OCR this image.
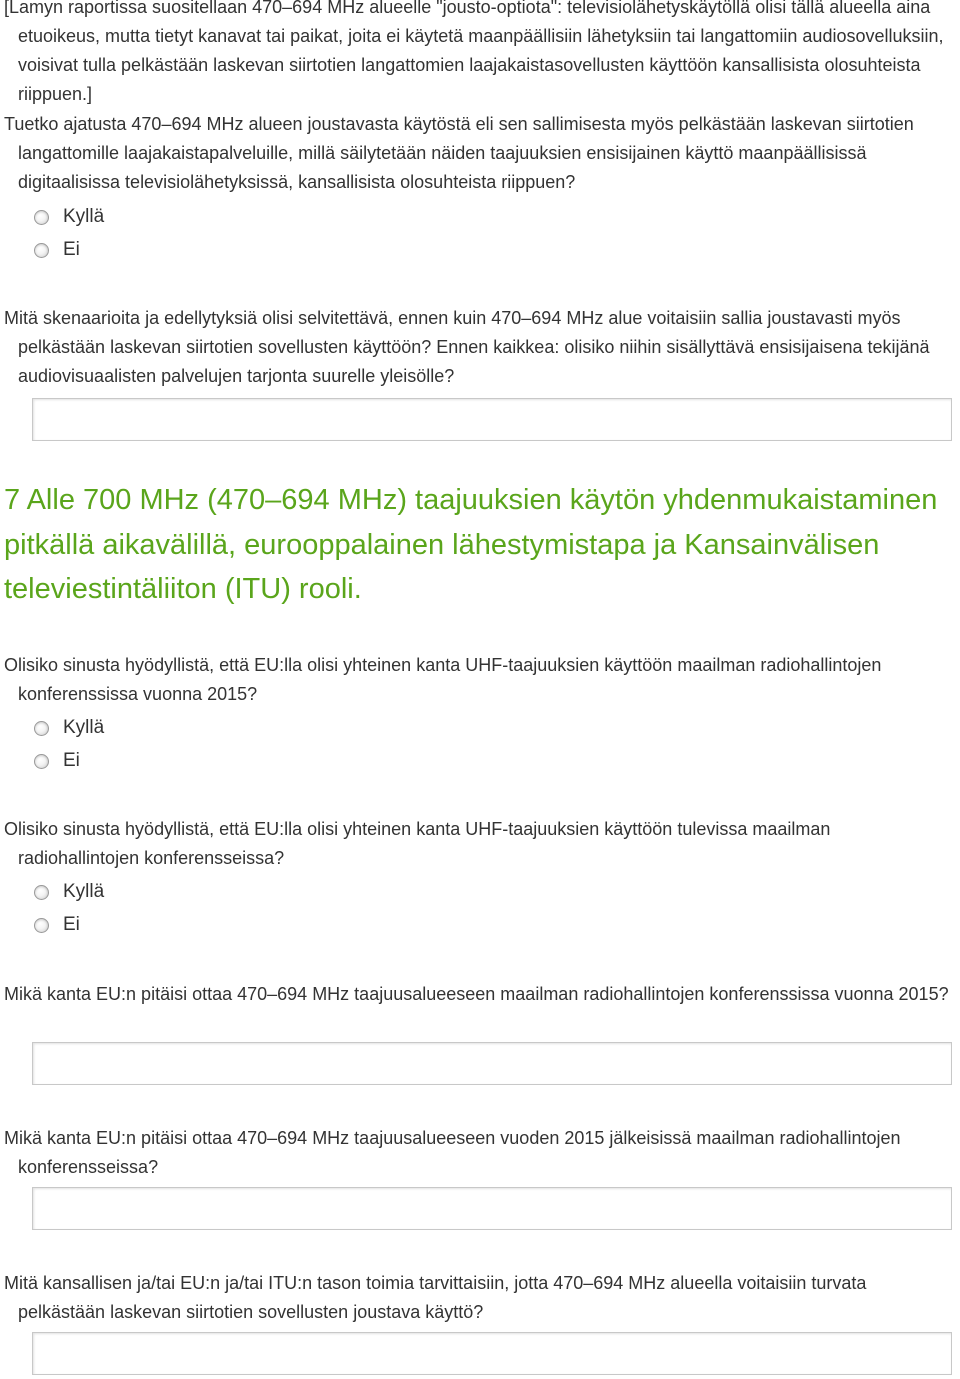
[Lamyn raportissa suositellaan 470–694 MHz alueelle "jousto-optiota": televisiolähetyskäytöllä olisi tällä alueella aina etuoikeus, mutta tietyt kanavat tai paikat, joita ei käytetä maanpäällisiin lähetyksiin tai langattomiin audiosovelluksiin, voisivat tulla pelkästään laskevan siirtotien langattomien laajakaistasovellusten käyttöön kansallisista olosuhteista riippuen.]

Tuetko ajatusta 470–694 MHz alueen joustavasta käytöstä eli sen sallimisesta myös pelkästään laskevan siirtotien langattomille laajakaistapalveluille, millä säilytetään näiden taajuuksien ensisijainen käyttö maanpäällisissä digitaalisissa televisiolähetyksissä, kansallisista olosuhteista riippuen?

Kyllä
Ei

Mitä skenaarioita ja edellytyksiä olisi selvitettävä, ennen kuin 470–694 MHz alue voitaisiin sallia joustavasti myös pelkästään laskevan siirtotien sovellusten käyttöön? Ennen kaikkea: olisiko niihin sisällyttävä ensisijaisena tekijänä audiovisuaalisten palvelujen tarjonta suurelle yleisölle?

7 Alle 700 MHz (470–694 MHz) taajuuksien käytön yhdenmukaistaminen pitkällä aikavälillä, eurooppalainen lähestymistapa ja Kansainvälisen televiestintäliiton (ITU) rooli.

Olisiko sinusta hyödyllistä, että EU:lla olisi yhteinen kanta UHF-taajuuksien käyttöön maailman radiohallintojen konferenssissa vuonna 2015?

Kyllä
Ei

Olisiko sinusta hyödyllistä, että EU:lla olisi yhteinen kanta UHF-taajuuksien käyttöön tulevissa maailman radiohallintojen konferensseissa?

Kyllä
Ei

Mikä kanta EU:n pitäisi ottaa 470–694 MHz taajuusalueeseen maailman radiohallintojen konferenssissa vuonna 2015?

Mikä kanta EU:n pitäisi ottaa 470–694 MHz taajuusalueeseen vuoden 2015 jälkeisissä maailman radiohallintojen konferensseissa?

Mitä kansallisen ja/tai EU:n ja/tai ITU:n tason toimia tarvittaisiin, jotta 470–694 MHz alueella voitaisiin turvata pelkästään laskevan siirtotien sovellusten joustava käyttö?
